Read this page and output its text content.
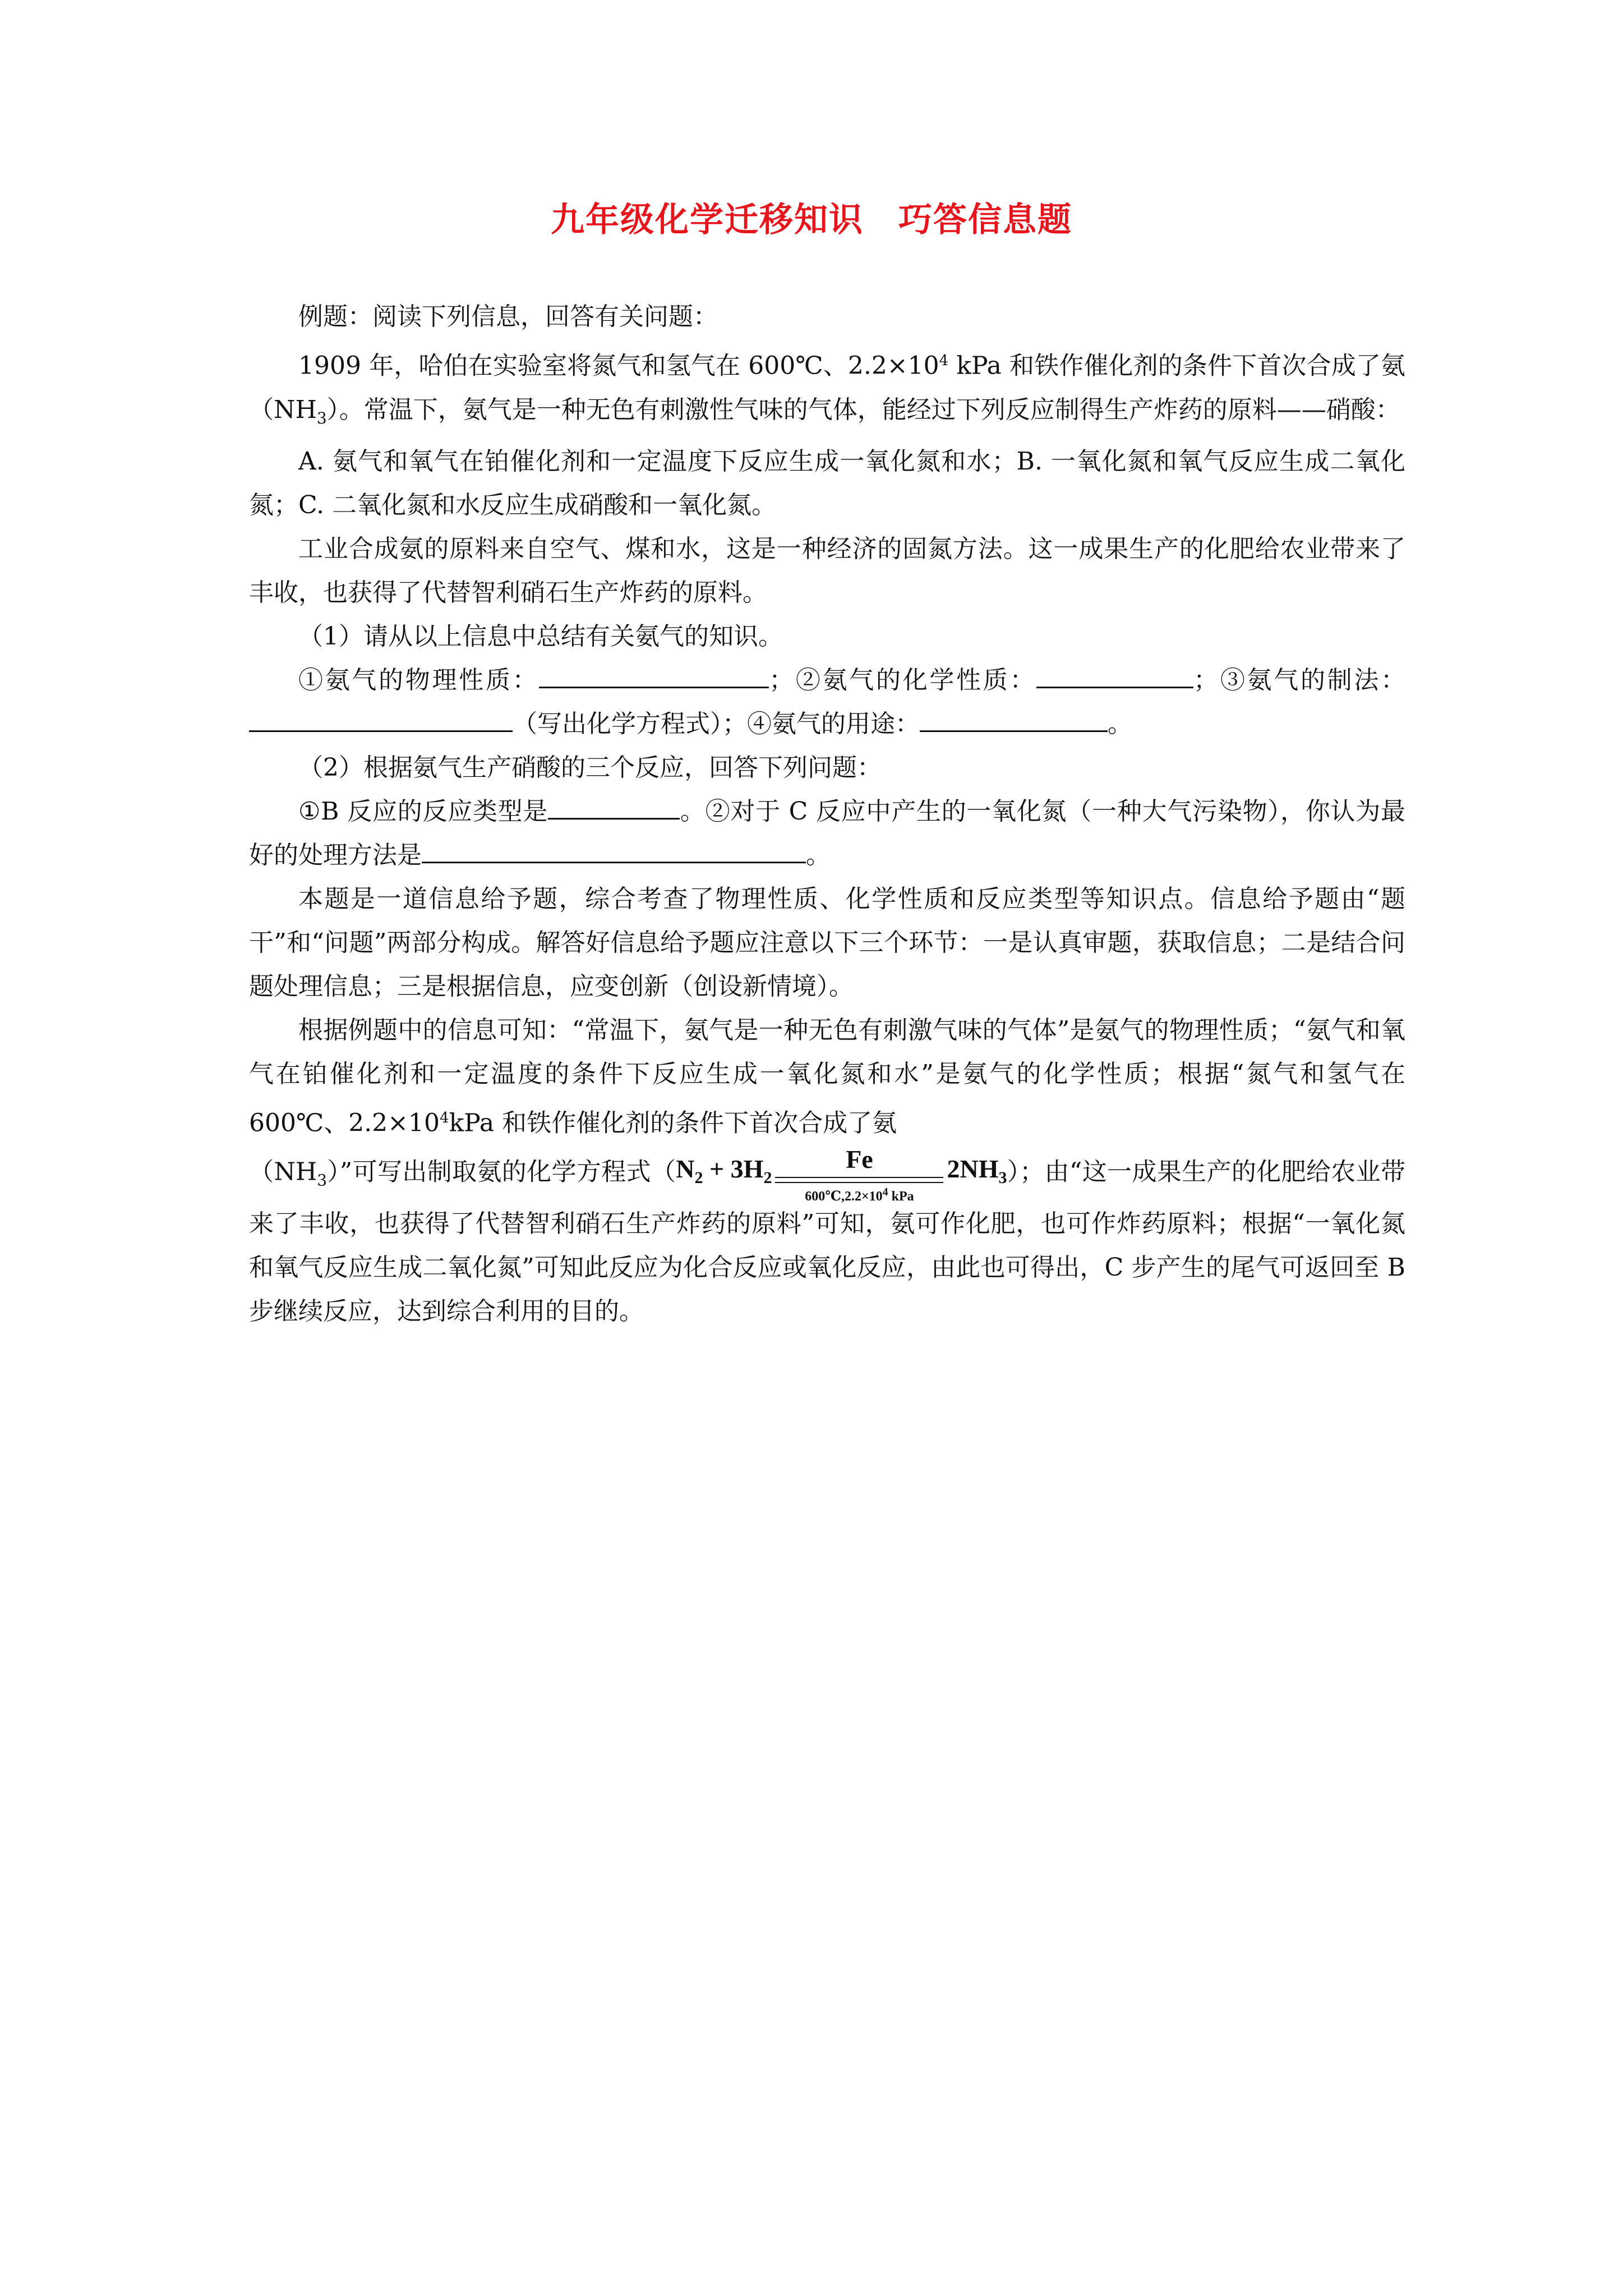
九年级化学迁移知识　巧答信息题

例题：阅读下列信息，回答有关问题：

1909 年，哈伯在实验室将氮气和氢气在 600℃、$2.2\times 10^4$ kPa 和铁作催化剂的条件下首次合成了氨$(NH_3)$。常温下，氨气是一种无色有刺激性气味的气体，能经过下列反应制得生产炸药的原料——硝酸：

A. 氨气和氧气在铂催化剂和一定温度下反应生成一氧化氮和水；B. 一氧化氮和氧气反应生成二氧化氮；C. 二氧化氮和水反应生成硝酸和一氧化氮。

工业合成氨的原料来自空气、煤和水，这是一种经济的固氮方法。这一成果生产的化肥给农业带来了丰收，也获得了代替智利硝石生产炸药的原料。

（1）请从以上信息中总结有关氨气的知识。

①氨气的物理性质：	；②氨气的化学性质：	；③氨气的制法：（写出化学方程式）；④氨气的用途：	。

（2）根据氨气生产硝酸的三个反应，回答下列问题：

①B 反应的反应类型是	。②对于 C 反应中产生的一氧化氮（一种大气污染物），你认为最好的处理方法是	。

本题是一道信息给予题，综合考查了物理性质、化学性质和反应类型等知识点。信息给予题由“题干”和“问题”两部分构成。解答好信息给予题应注意以下三个环节：一是认真审题，获取信息；二是结合问题处理信息；三是根据信息，应变创新（创设新情境）。

根据例题中的信息可知：“常温下，氨气是一种无色有刺激气味的气体”是氨气的物理性质；“氨气和氧气在铂催化剂和一定温度的条件下反应生成一氧化氮和水”是氨气的化学性质；根据“氮气和氢气在 600℃、$2.2\times 10^4kPa$ 和铁作催化剂的条件下首次合成了氨

$(NH_3)$”可写出制取氨的化学方程式（$N_2 + 3H_2$
Fe
$600℃,2.2\times 10^4$ kPa
$2NH_3$）；由“这一成果生产的化肥给农业带来了丰收，也获得了代替智利硝石生产炸药的原料”可知，氨可作化肥，也可作炸药原料；根据“一氧化氮和氧气反应生成二氧化氮”可知此反应为化合反应或氧化反应，由此也可得出，C 步产生的尾气可返回至 B 步继续反应，达到综合利用的目的。
